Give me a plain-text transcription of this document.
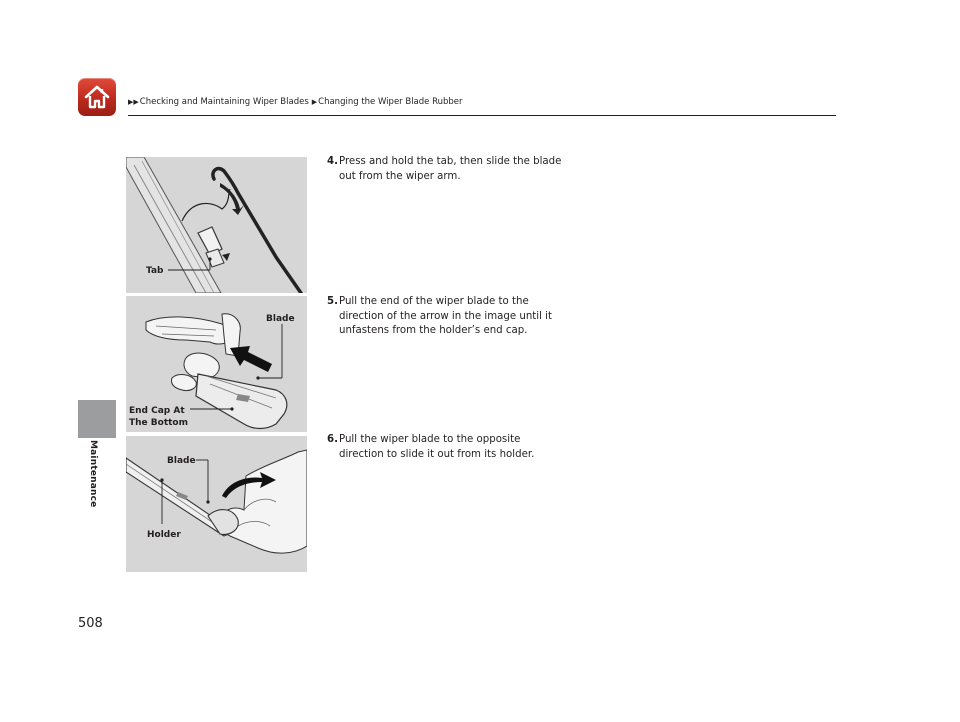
▶▶Checking and Maintaining Wiper Blades ▶Changing the Wiper Blade Rubber
Maintenance
508
Tab
Blade
End Cap At
The Bottom
Blade
Holder
4. Press and hold the tab, then slide the blade out from the wiper arm.
5. Pull the end of the wiper blade to the direction of the arrow in the image until it unfastens from the holder’s end cap.
6. Pull the wiper blade to the opposite direction to slide it out from its holder.
